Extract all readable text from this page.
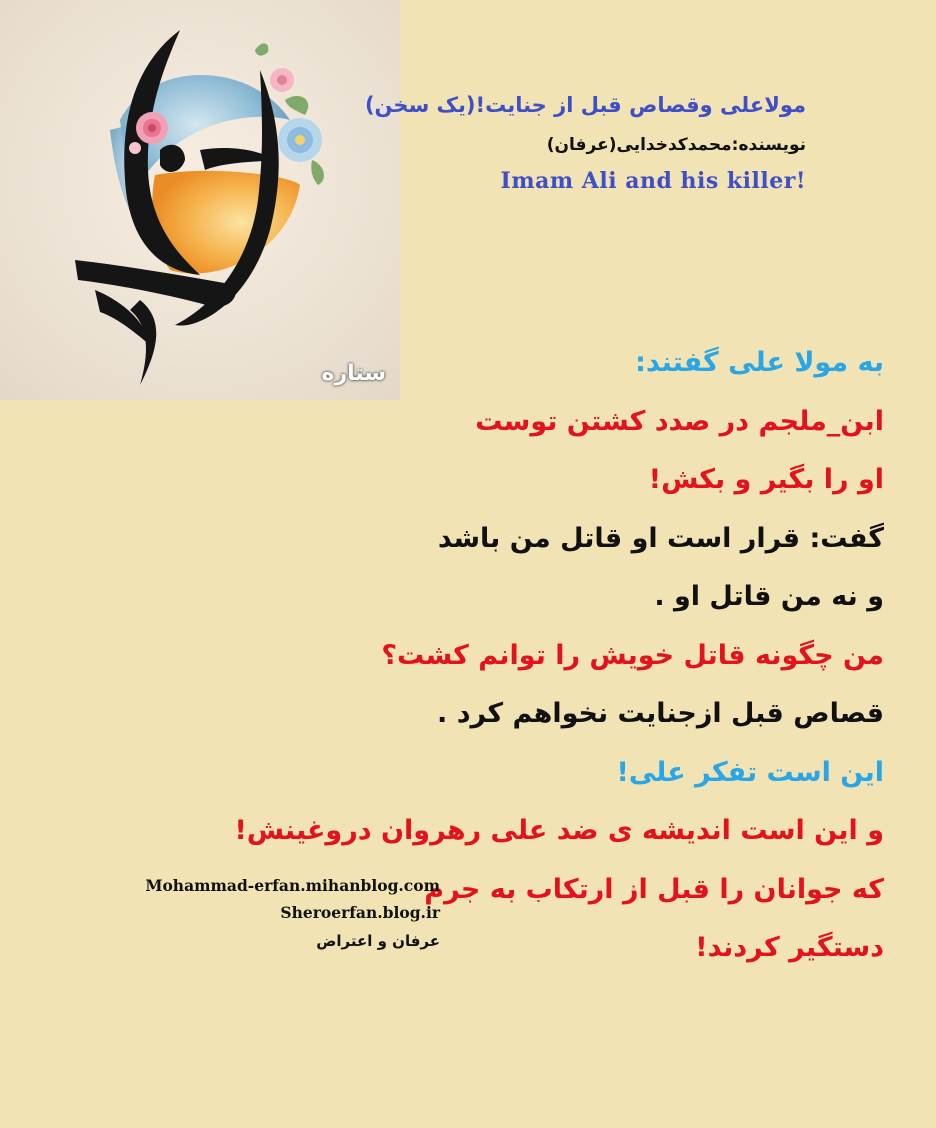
ستاره
مولاعلی وقصاص قبل از جنایت!(یک سخن)
نویسنده:محمدکدخدایی(عرفان)
Imam Ali and his killer!
به مولا علی گفتند:
ابن_ملجم در صدد کشتن توست
او را بگیر و بکش!
گفت: قرار است او قاتل من باشد
و نه من قاتل او .
من چگونه قاتل خویش را توانم کشت؟
قصاص قبل ازجنایت نخواهم کرد .
این است تفکر علی!
و این است اندیشه ی ضد علی رهروان دروغینش!
که جوانان را قبل از ارتکاب به جرم
دستگیر کردند!
Mohammad-erfan.mihanblog.com
Sheroerfan.blog.ir
عرفان و اعتراض
